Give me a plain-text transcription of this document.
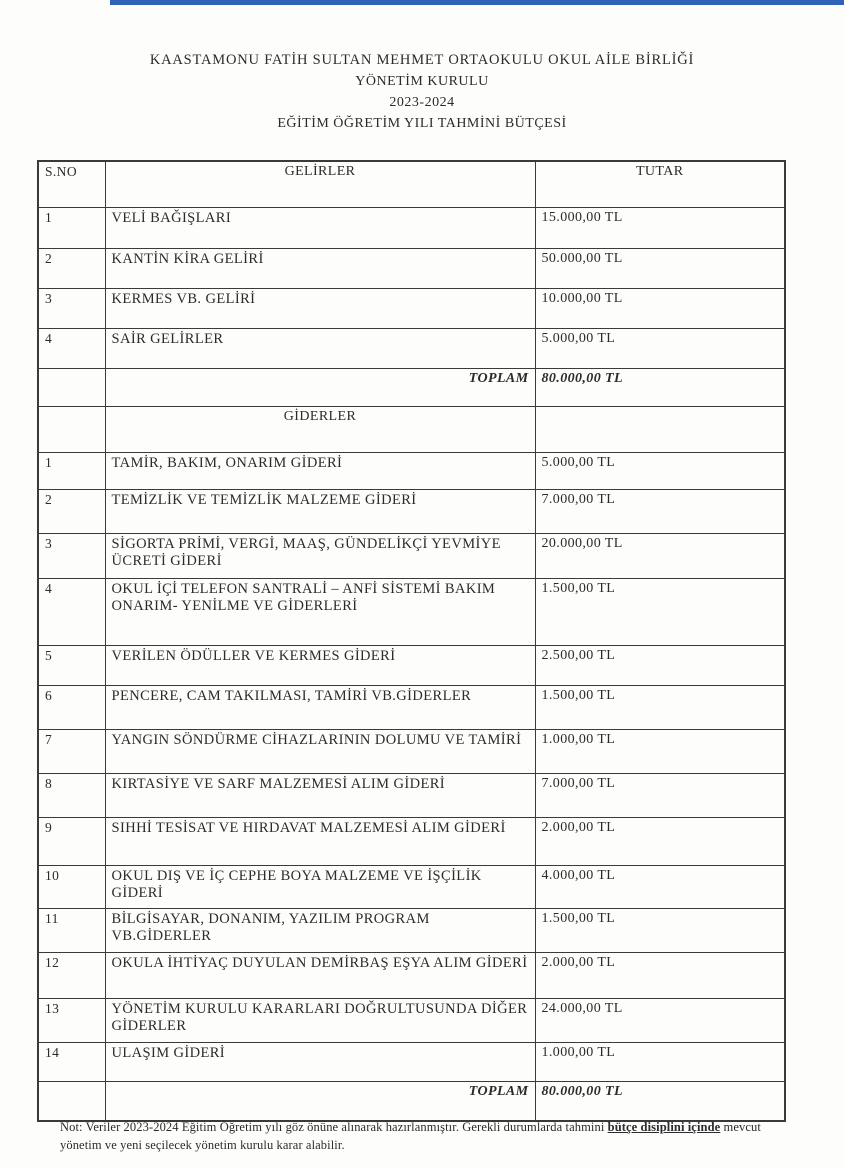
KAASTAMONU FATİH SULTAN MEHMET ORTAOKULU OKUL AİLE BİRLİĞİ
YÖNETİM KURULU
2023-2024
EĞİTİM ÖĞRETİM YILI TAHMİNİ BÜTÇESİ
S.NO	GELİRLER	TUTAR
1	VELİ BAĞIŞLARI	15.000,00 TL
2	KANTİN KİRA GELİRİ	50.000,00 TL
3	KERMES VB. GELİRİ	10.000,00 TL
4	SAİR GELİRLER	5.000,00 TL
	TOPLAM	80.000,00 TL
	GİDERLER	
1	TAMİR, BAKIM, ONARIM GİDERİ	5.000,00 TL
2	TEMİZLİK VE TEMİZLİK MALZEME GİDERİ	7.000,00 TL
3	SİGORTA PRİMİ, VERGİ, MAAŞ, GÜNDELİKÇİ YEVMİYE ÜCRETİ GİDERİ	20.000,00 TL
4	OKUL İÇİ TELEFON SANTRALİ – ANFİ SİSTEMİ BAKIM ONARIM- YENİLME VE GİDERLERİ	1.500,00 TL
5	VERİLEN ÖDÜLLER VE KERMES GİDERİ	2.500,00 TL
6	PENCERE, CAM TAKILMASI, TAMİRİ VB.GİDERLER	1.500,00 TL
7	YANGIN SÖNDÜRME CİHAZLARININ DOLUMU VE TAMİRİ	1.000,00 TL
8	KIRTASİYE VE SARF MALZEMESİ ALIM GİDERİ	7.000,00 TL
9	SIHHİ TESİSAT VE HIRDAVAT MALZEMESİ ALIM GİDERİ	2.000,00 TL
10	OKUL DIŞ VE İÇ CEPHE BOYA MALZEME VE İŞÇİLİK GİDERİ	4.000,00 TL
11	BİLGİSAYAR, DONANIM, YAZILIM PROGRAM VB.GİDERLER	1.500,00 TL
12	OKULA İHTİYAÇ DUYULAN DEMİRBAŞ EŞYA ALIM GİDERİ	2.000,00 TL
13	YÖNETİM KURULU KARARLARI DOĞRULTUSUNDA DİĞER GİDERLER	24.000,00 TL
14	ULAŞIM GİDERİ	1.000,00 TL
	TOPLAM	80.000,00 TL
Not: Veriler 2023-2024 Eğitim Öğretim yılı göz önüne alınarak hazırlanmıştır. Gerekli durumlarda tahmini bütçe disiplini içinde mevcut yönetim ve yeni seçilecek yönetim kurulu karar alabilir.
